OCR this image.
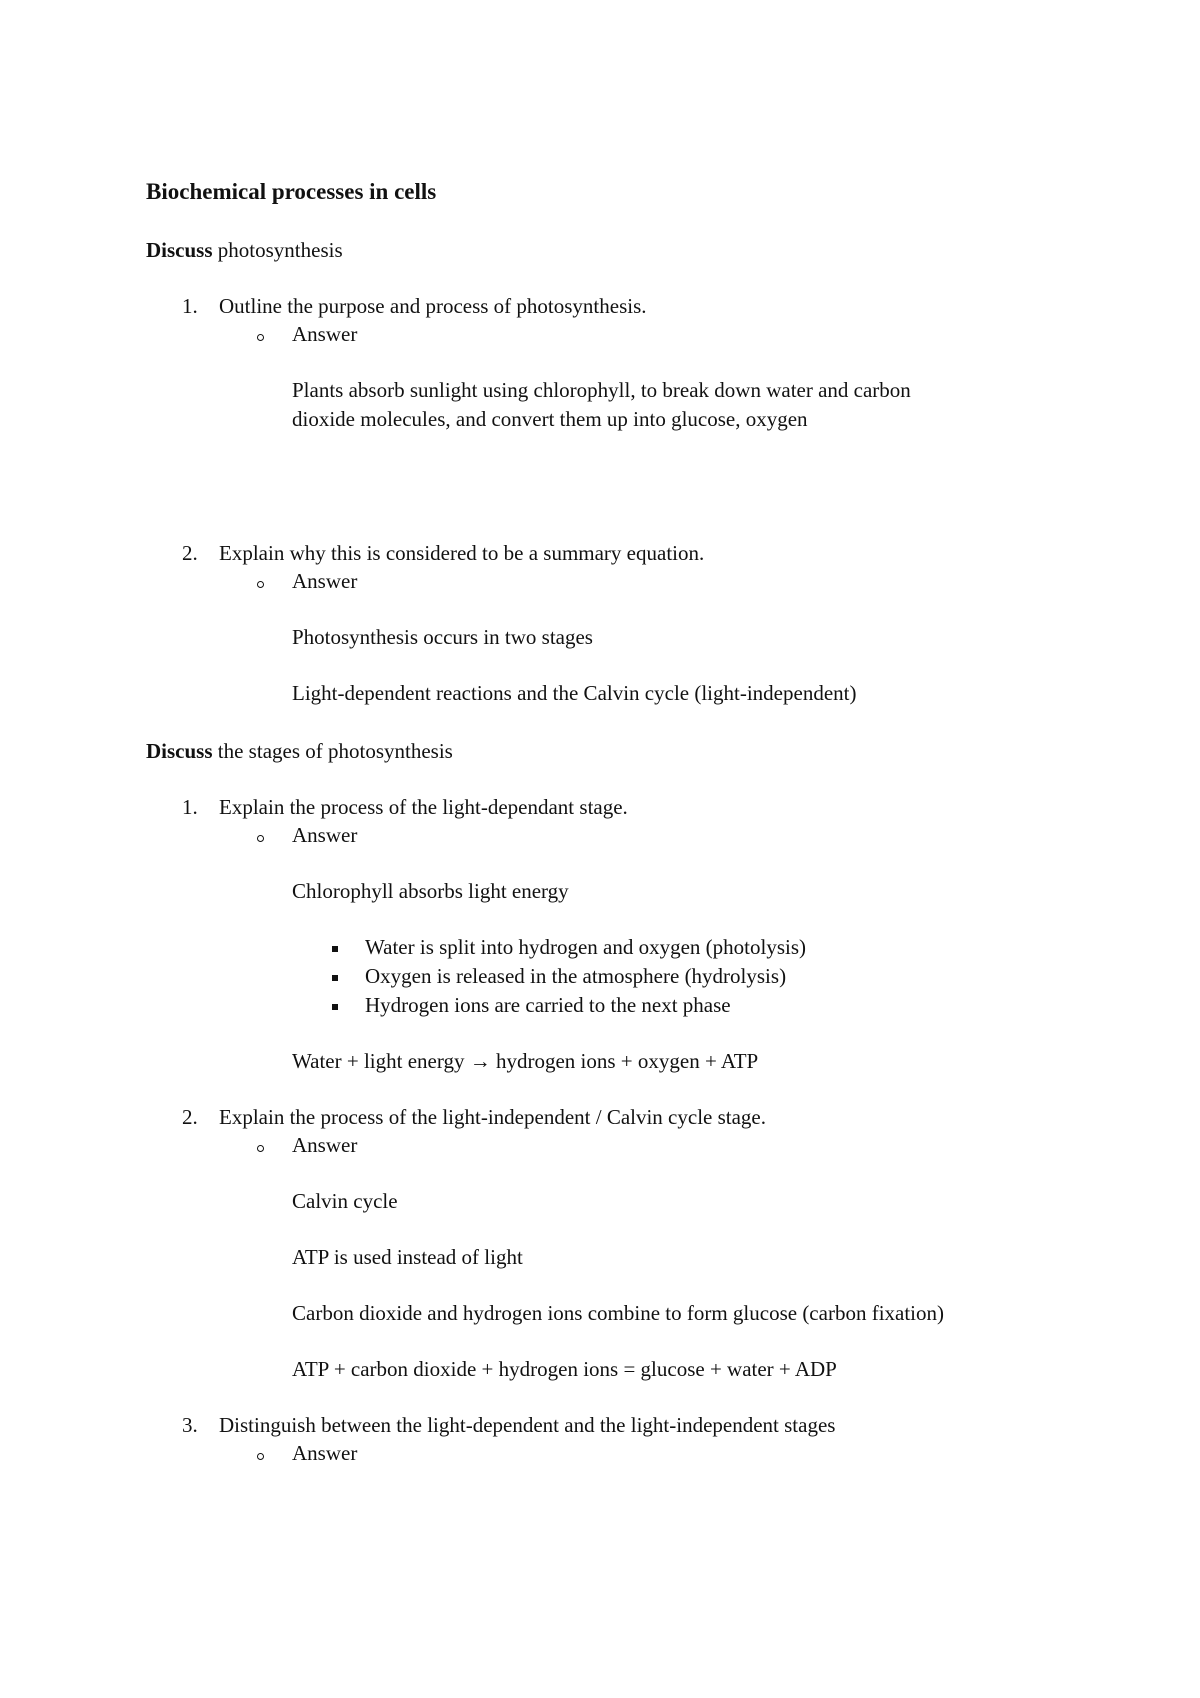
Biochemical processes in cells

Discuss photosynthesis

1. Outline the purpose and process of photosynthesis.

Answer

Plants absorb sunlight using chlorophyll, to break down water and carbon

dioxide molecules, and convert them up into glucose, oxygen

2. Explain why this is considered to be a summary equation.

Answer

Photosynthesis occurs in two stages

Light-dependent reactions and the Calvin cycle (light-independent)

Discuss the stages of photosynthesis

1. Explain the process of the light-dependant stage.

Answer

Chlorophyll absorbs light energy

Water is split into hydrogen and oxygen (photolysis)

Oxygen is released in the atmosphere (hydrolysis)

Hydrogen ions are carried to the next phase

Water + light energy → hydrogen ions + oxygen + ATP

2. Explain the process of the light-independent / Calvin cycle stage.

Answer

Calvin cycle

ATP is used instead of light

Carbon dioxide and hydrogen ions combine to form glucose (carbon fixation)

ATP + carbon dioxide + hydrogen ions = glucose + water + ADP

3. Distinguish between the light-dependent and the light-independent stages

Answer
